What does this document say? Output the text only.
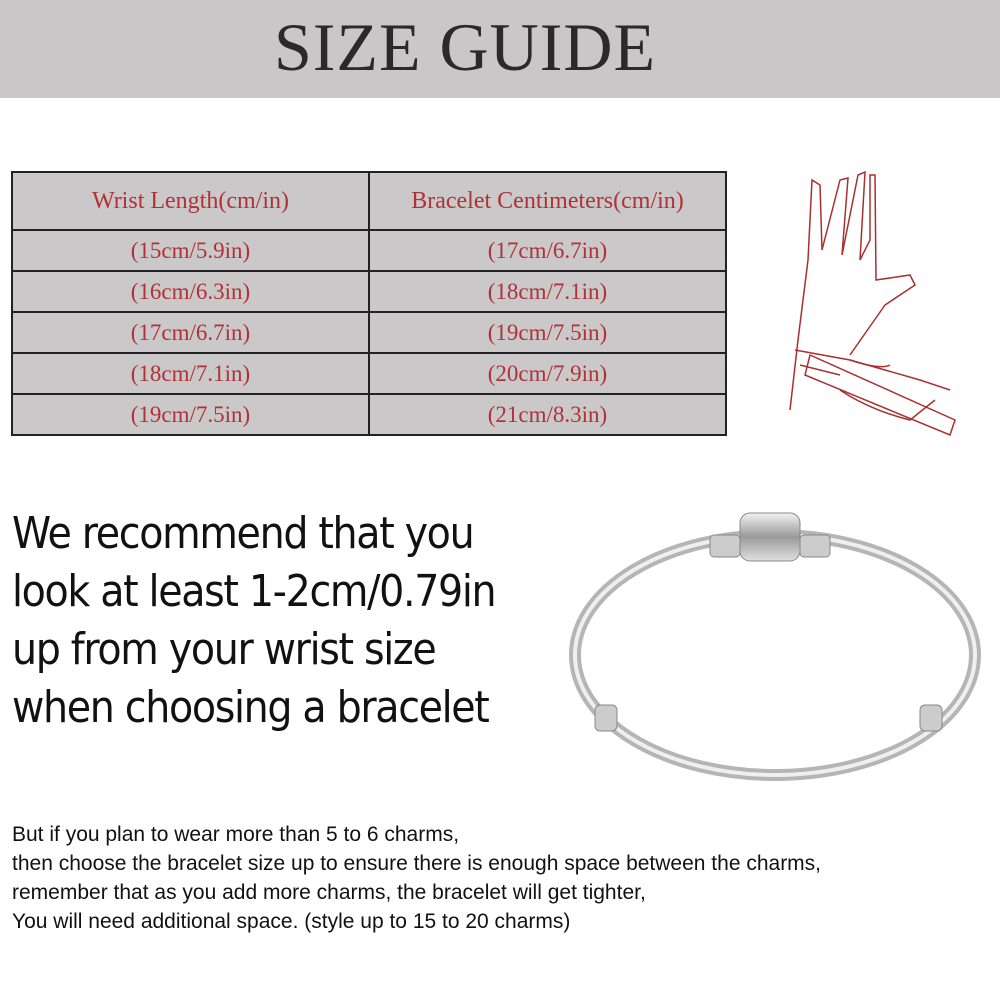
SIZE GUIDE
Wrist Length(cm/in)	Bracelet Centimeters(cm/in)
(15cm/5.9in)	(17cm/6.7in)
(16cm/6.3in)	(18cm/7.1in)
(17cm/6.7in)	(19cm/7.5in)
(18cm/7.1in)	(20cm/7.9in)
(19cm/7.5in)	(21cm/8.3in)
We recommend that you
look at least 1-2cm/0.79in
up from your wrist size
when choosing a bracelet
But if you plan to wear more than 5 to 6 charms,
then choose the bracelet size up to ensure there is enough space between the charms,
remember that as you add more charms, the bracelet will get tighter,
You will need additional space. (style up to 15 to 20 charms)
